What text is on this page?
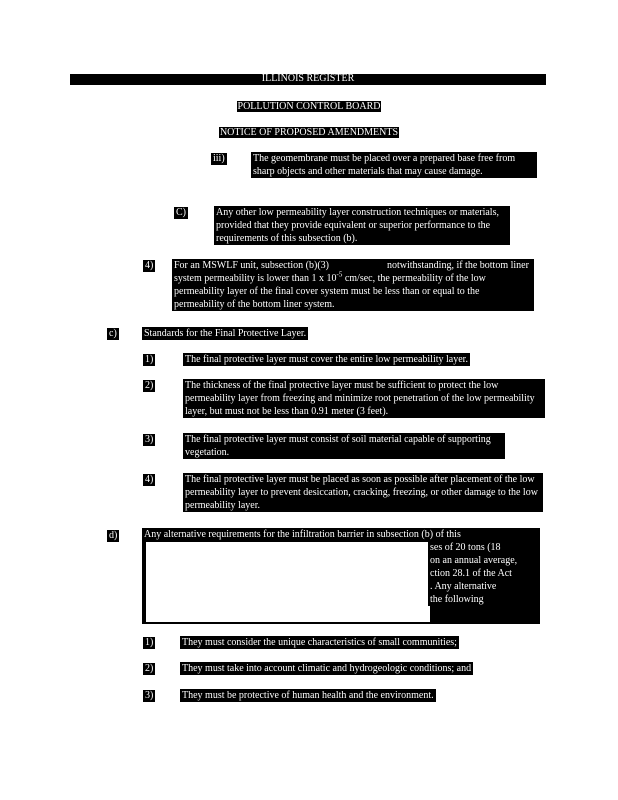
ILLINOIS REGISTER
POLLUTION CONTROL BOARD
NOTICE OF PROPOSED AMENDMENTS
iii)	The geomembrane must be placed over a prepared base free from sharp objects and other materials that may cause damage.
C)	Any other low permeability layer construction techniques or materials, provided that they provide equivalent or superior performance to the requirements of this subsection (b).
4) For an MSWLF unit, subsection (b)(3)	notwithstanding, if the bottom liner system permeability is lower than 1 x $10^{-5}$ cm/sec, the permeability of the low permeability layer of the final cover system must be less than or equal to the permeability of the bottom liner system.
c)	Standards for the Final Protective Layer.
1)	The final protective layer must cover the entire low permeability layer.
2)	The thickness of the final protective layer must be sufficient to protect the low permeability layer from freezing and minimize root penetration of the low permeability layer, but must not be less than 0.91 meter (3 feet).
3)	The final protective layer must consist of soil material capable of supporting vegetation.
4)	The final protective layer must be placed as soon as possible after placement of the low permeability layer to prevent desiccation, cracking, freezing, or other damage to the low permeability layer.
d)	Any alternative requirements for the infiltration barrier in subsection (b) of this
ses of 20 tons (18
on an annual average,
ction 28.1 of the Act
. Any alternative
the following
1)	They must consider the unique characteristics of small communities;
2)	They must take into account climatic and hydrogeologic conditions; and
3)	They must be protective of human health and the environment.
